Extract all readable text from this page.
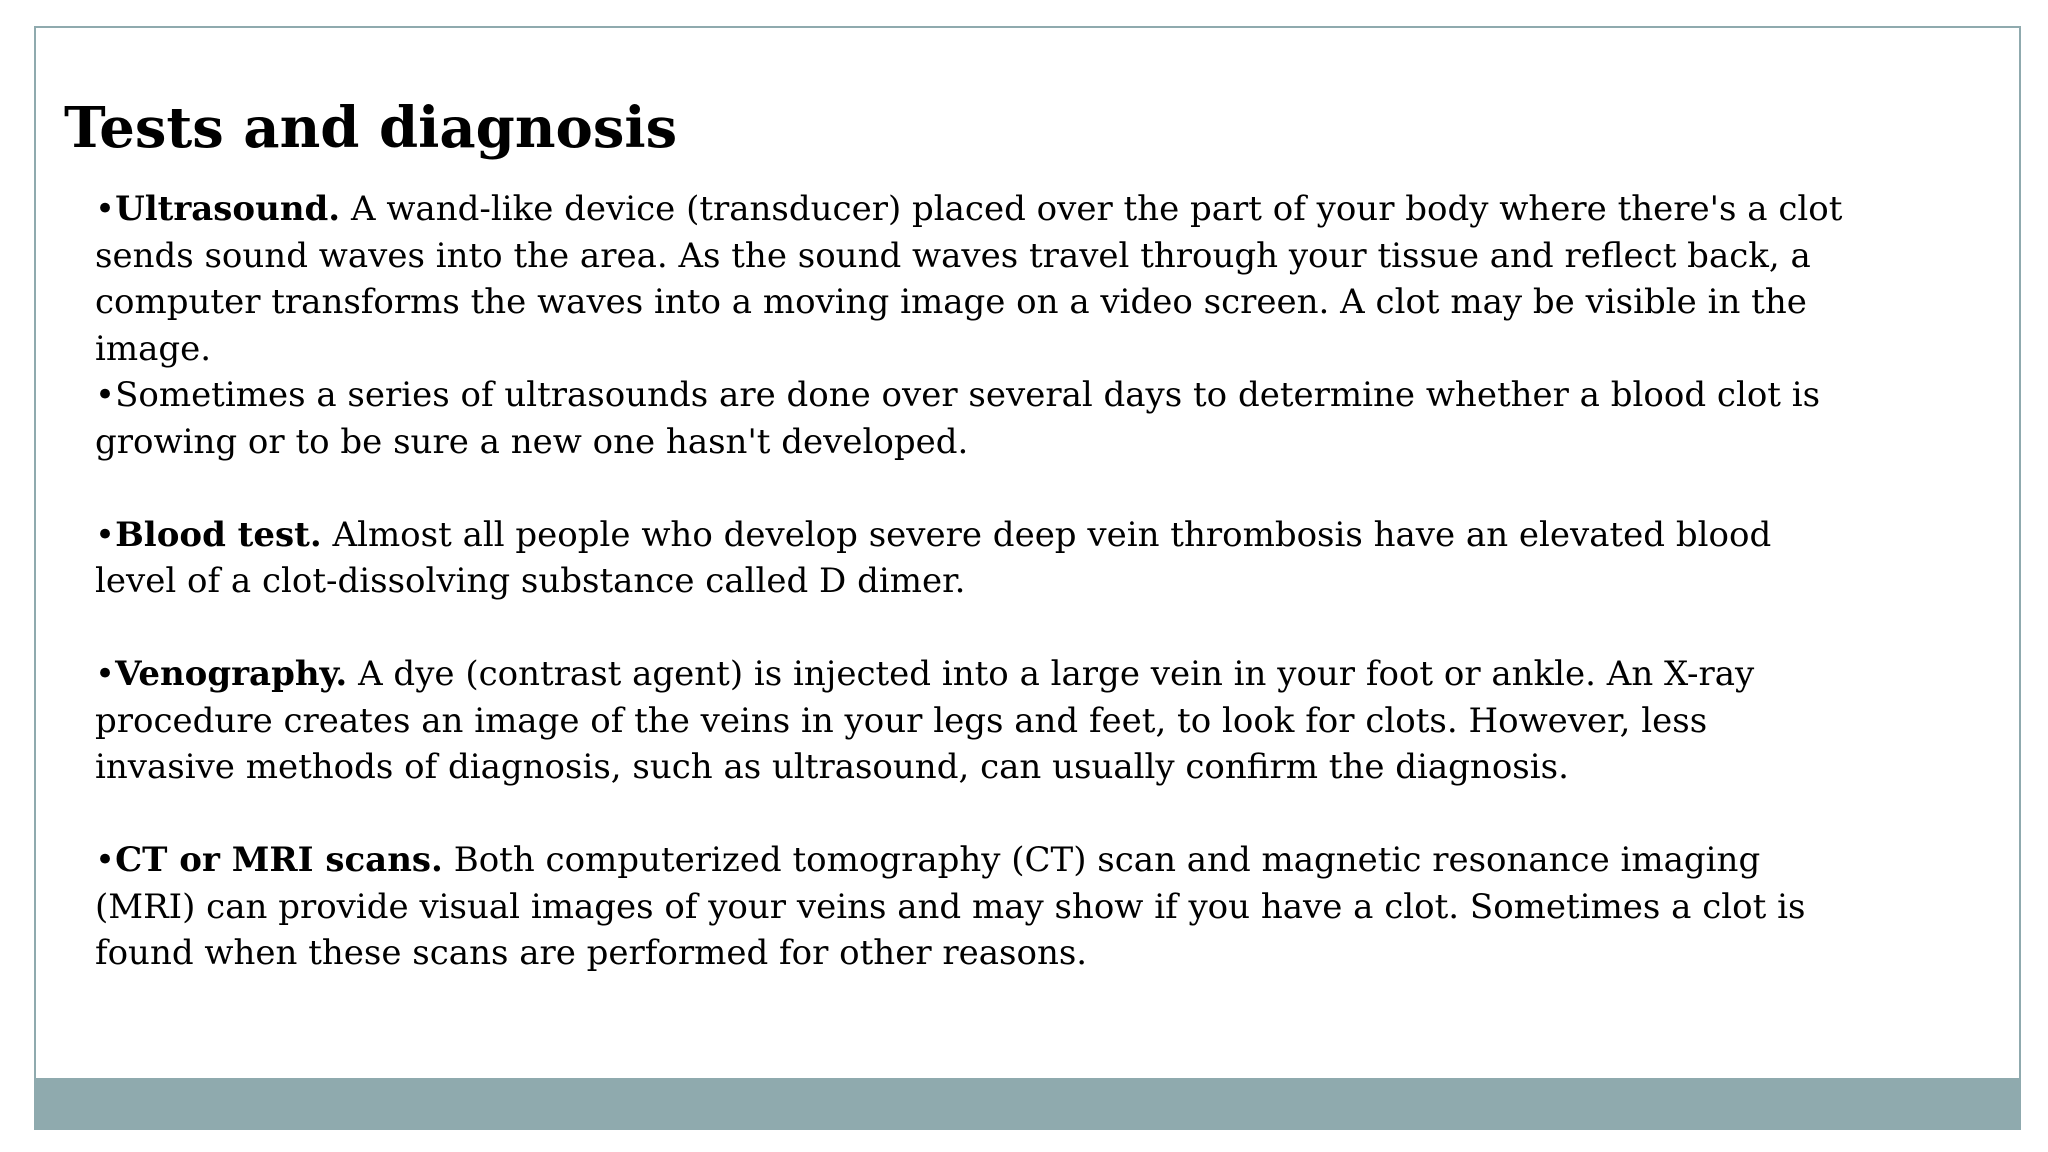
Tests and diagnosis

•Ultrasound. A wand-like device (transducer) placed over the part of your body where there's a clot sends sound waves into the area. As the sound waves travel through your tissue and reflect back, a computer transforms the waves into a moving image on a video screen. A clot may be visible in the image.

•Sometimes a series of ultrasounds are done over several days to determine whether a blood clot is growing or to be sure a new one hasn't developed.

•Blood test. Almost all people who develop severe deep vein thrombosis have an elevated blood level of a clot-dissolving substance called D dimer.

•Venography. A dye (contrast agent) is injected into a large vein in your foot or ankle. An X-ray procedure creates an image of the veins in your legs and feet, to look for clots. However, less invasive methods of diagnosis, such as ultrasound, can usually confirm the diagnosis.

•CT or MRI scans. Both computerized tomography (CT) scan and magnetic resonance imaging (MRI) can provide visual images of your veins and may show if you have a clot. Sometimes a clot is found when these scans are performed for other reasons.
